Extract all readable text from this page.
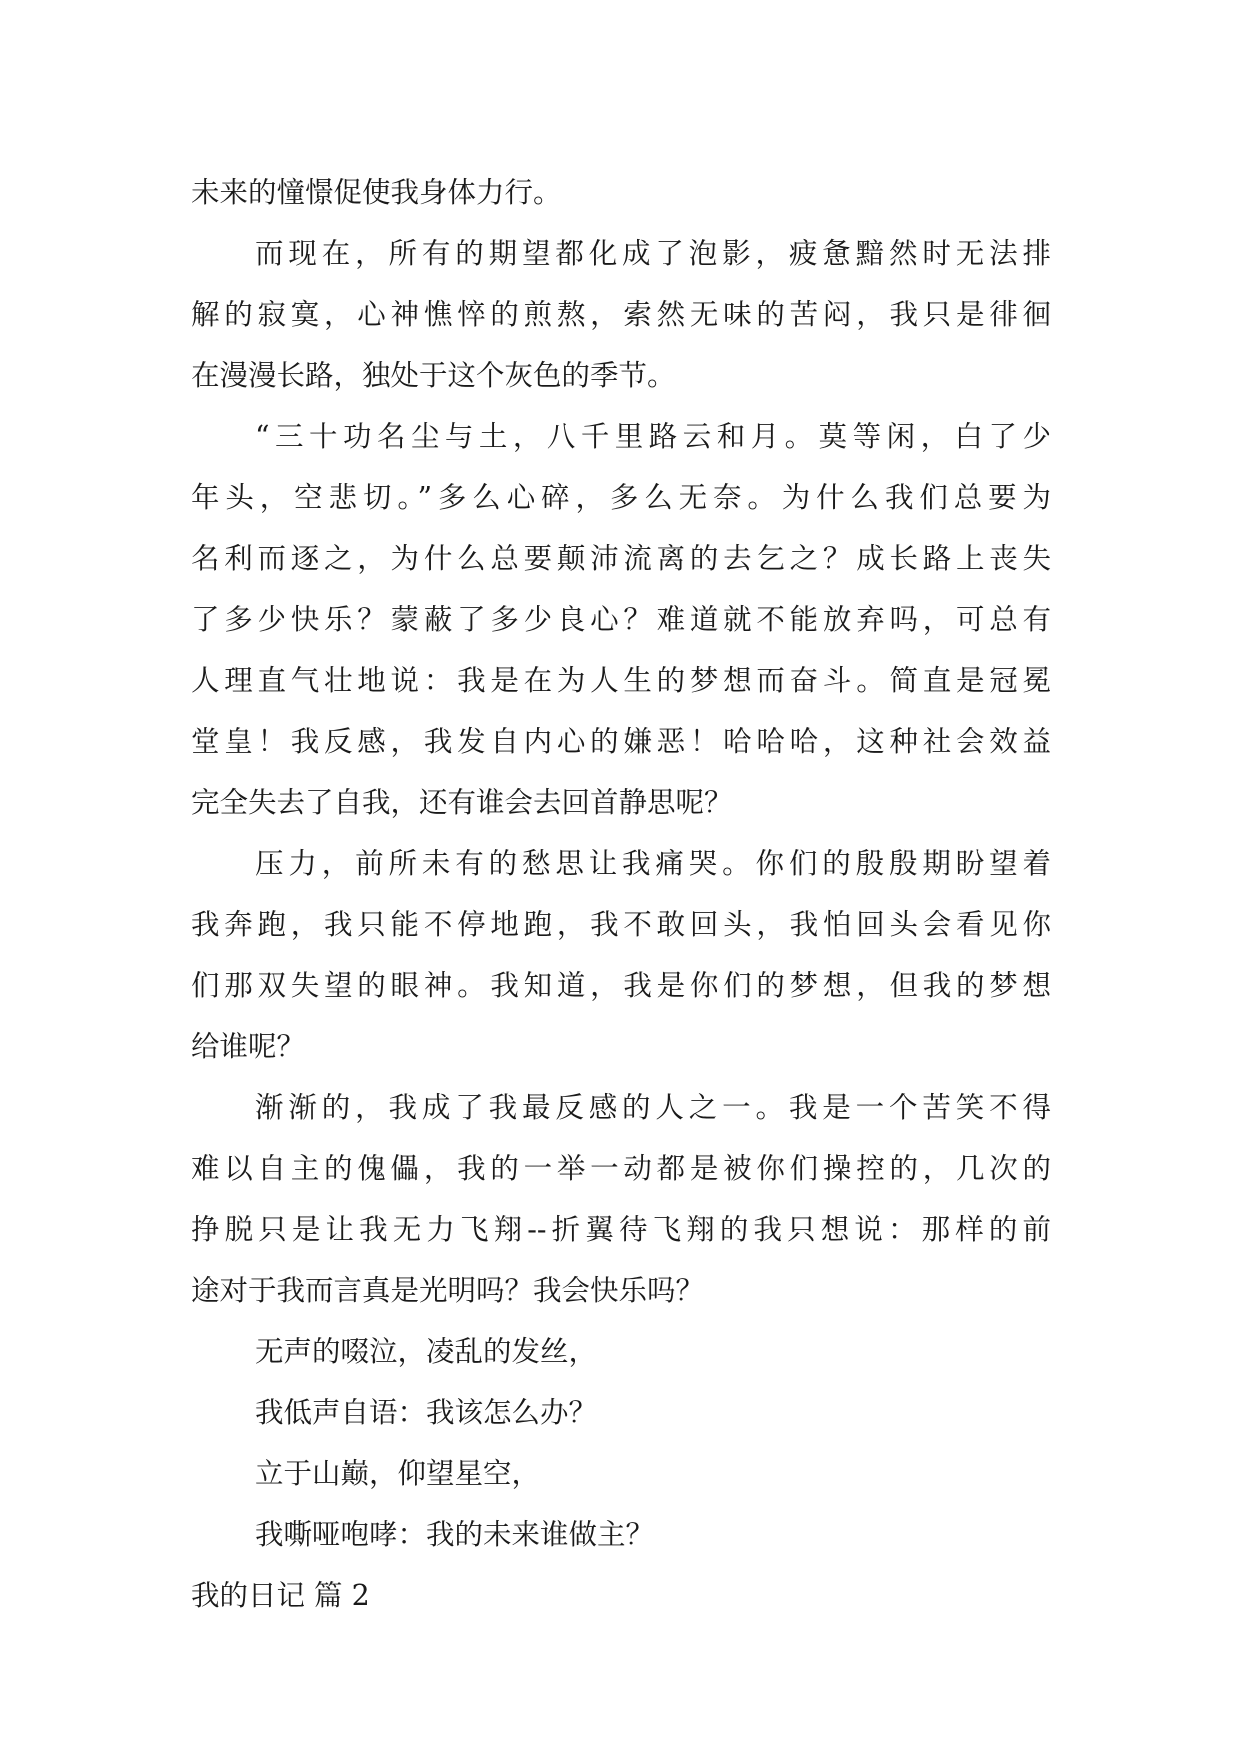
未来的憧憬促使我身体力行。
而现在，所有的期望都化成了泡影，疲惫黯然时无法排
解的寂寞，心神憔悴的煎熬，索然无味的苦闷，我只是徘徊
在漫漫长路，独处于这个灰色的季节。
“三十功名尘与土，八千里路云和月。莫等闲，白了少
年头，空悲切。”多么心碎，多么无奈。为什么我们总要为
名利而逐之，为什么总要颠沛流离的去乞之？成长路上丧失
了多少快乐？蒙蔽了多少良心？难道就不能放弃吗，可总有
人理直气壮地说：我是在为人生的梦想而奋斗。简直是冠冕
堂皇！我反感，我发自内心的嫌恶！哈哈哈，这种社会效益
完全失去了自我，还有谁会去回首静思呢？
压力，前所未有的愁思让我痛哭。你们的殷殷期盼望着
我奔跑，我只能不停地跑，我不敢回头，我怕回头会看见你
们那双失望的眼神。我知道，我是你们的梦想，但我的梦想
给谁呢？
渐渐的，我成了我最反感的人之一。我是一个苦笑不得
难以自主的傀儡，我的一举一动都是被你们操控的，几次的
挣脱只是让我无力飞翔--折翼待飞翔的我只想说：那样的前
途对于我而言真是光明吗？我会快乐吗？
无声的啜泣，凌乱的发丝，
我低声自语：我该怎么办？
立于山巅，仰望星空，
我嘶哑咆哮：我的未来谁做主？
我的日记 篇 2
